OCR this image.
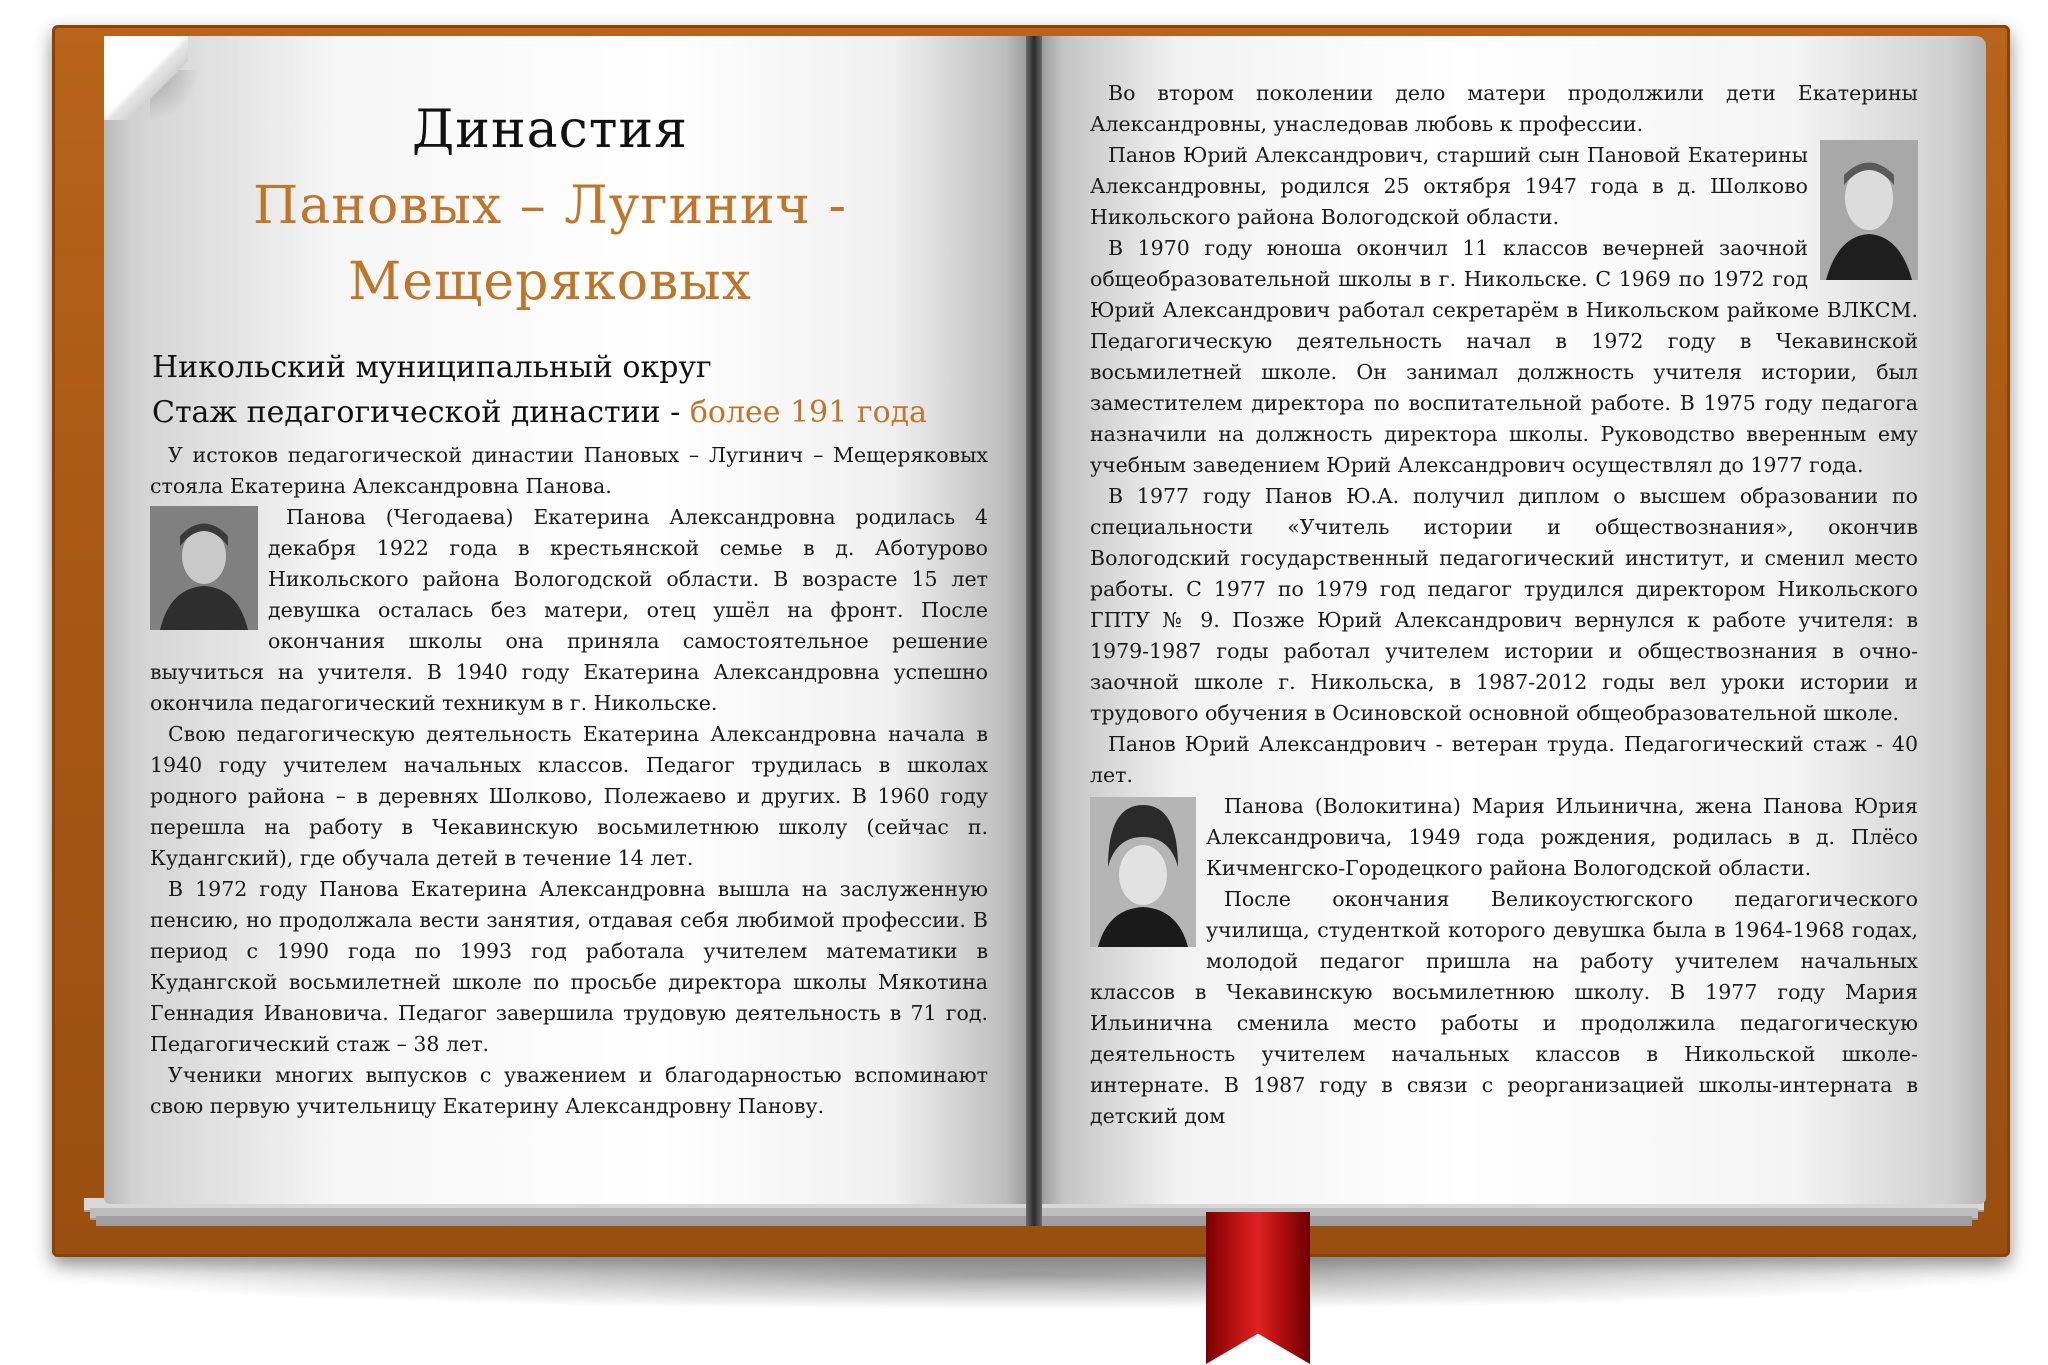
Династия
Пановых – Лугинич -
Мещеряковых
Никольский муниципальный округ
Стаж педагогической династии - более 191 года

У истоков педагогической династии Пановых – Лугинич – Мещеряковых стояла Екатерина Александровна Панова.

Панова (Чегодаева) Екатерина Александровна родилась 4 декабря 1922 года в крестьянской семье в д. Аботурово Никольского района Вологодской области. В возрасте 15 лет девушка осталась без матери, отец ушёл на фронт. После окончания школы она приняла самостоятельное решение выучиться на учителя. В 1940 году Екатерина Александровна успешно окончила педагогический техникум в г. Никольске.

Свою педагогическую деятельность Екатерина Александровна начала в 1940 году учителем начальных классов. Педагог трудилась в школах родного района – в деревнях Шолково, Полежаево и других. В 1960 году перешла на работу в Чекавинскую восьмилетнюю школу (сейчас п. Кудангский), где обучала детей в течение 14 лет.

В 1972 году Панова Екатерина Александровна вышла на заслуженную пенсию, но продолжала вести занятия, отдавая себя любимой профессии. В период с 1990 года по 1993 год работала учителем математики в Кудангской восьмилетней школе по просьбе директора школы Мякотина Геннадия Ивановича. Педагог завершила трудовую деятельность в 71 год. Педагогический стаж – 38 лет.

Ученики многих выпусков с уважением и благодарностью вспоминают свою первую учительницу Екатерину Александровну Панову.

Во втором поколении дело матери продолжили дети Екатерины Александровны, унаследовав любовь к профессии.

Панов Юрий Александрович, старший сын Пановой Екатерины Александровны, родился 25 октября 1947 года в д. Шолково Никольского района Вологодской области.

В 1970 году юноша окончил 11 классов вечерней заочной общеобразовательной школы в г. Никольске. С 1969 по 1972 год Юрий Александрович работал секретарём в Никольском райкоме ВЛКСМ. Педагогическую деятельность начал в 1972 году в Чекавинской восьмилетней школе. Он занимал должность учителя истории, был заместителем директора по воспитательной работе. В 1975 году педагога назначили на должность директора школы. Руководство вверенным ему учебным заведением Юрий Александрович осуществлял до 1977 года.

В 1977 году Панов Ю.А. получил диплом о высшем образовании по специальности «Учитель истории и обществознания», окончив Вологодский государственный педагогический институт, и сменил место работы. С 1977 по 1979 год педагог трудился директором Никольского ГПТУ № 9. Позже Юрий Александрович вернулся к работе учителя: в 1979-1987 годы работал учителем истории и обществознания в очно-заочной школе г. Никольска, в 1987-2012 годы вел уроки истории и трудового обучения в Осиновской основной общеобразовательной школе.

Панов Юрий Александрович - ветеран труда. Педагогический стаж - 40 лет.

Панова (Волокитина) Мария Ильинична, жена Панова Юрия Александровича, 1949 года рождения, родилась в д. Плёсо Кичменгско-Городецкого района Вологодской области.

После окончания Великоустюгского педагогического училища, студенткой которого девушка была в 1964-1968 годах, молодой педагог пришла на работу учителем начальных классов в Чекавинскую восьмилетнюю школу. В 1977 году Мария Ильинична сменила место работы и продолжила педагогическую деятельность учителем начальных классов в Никольской школе-интернате. В 1987 году в связи с реорганизацией школы-интерната в детский дом
